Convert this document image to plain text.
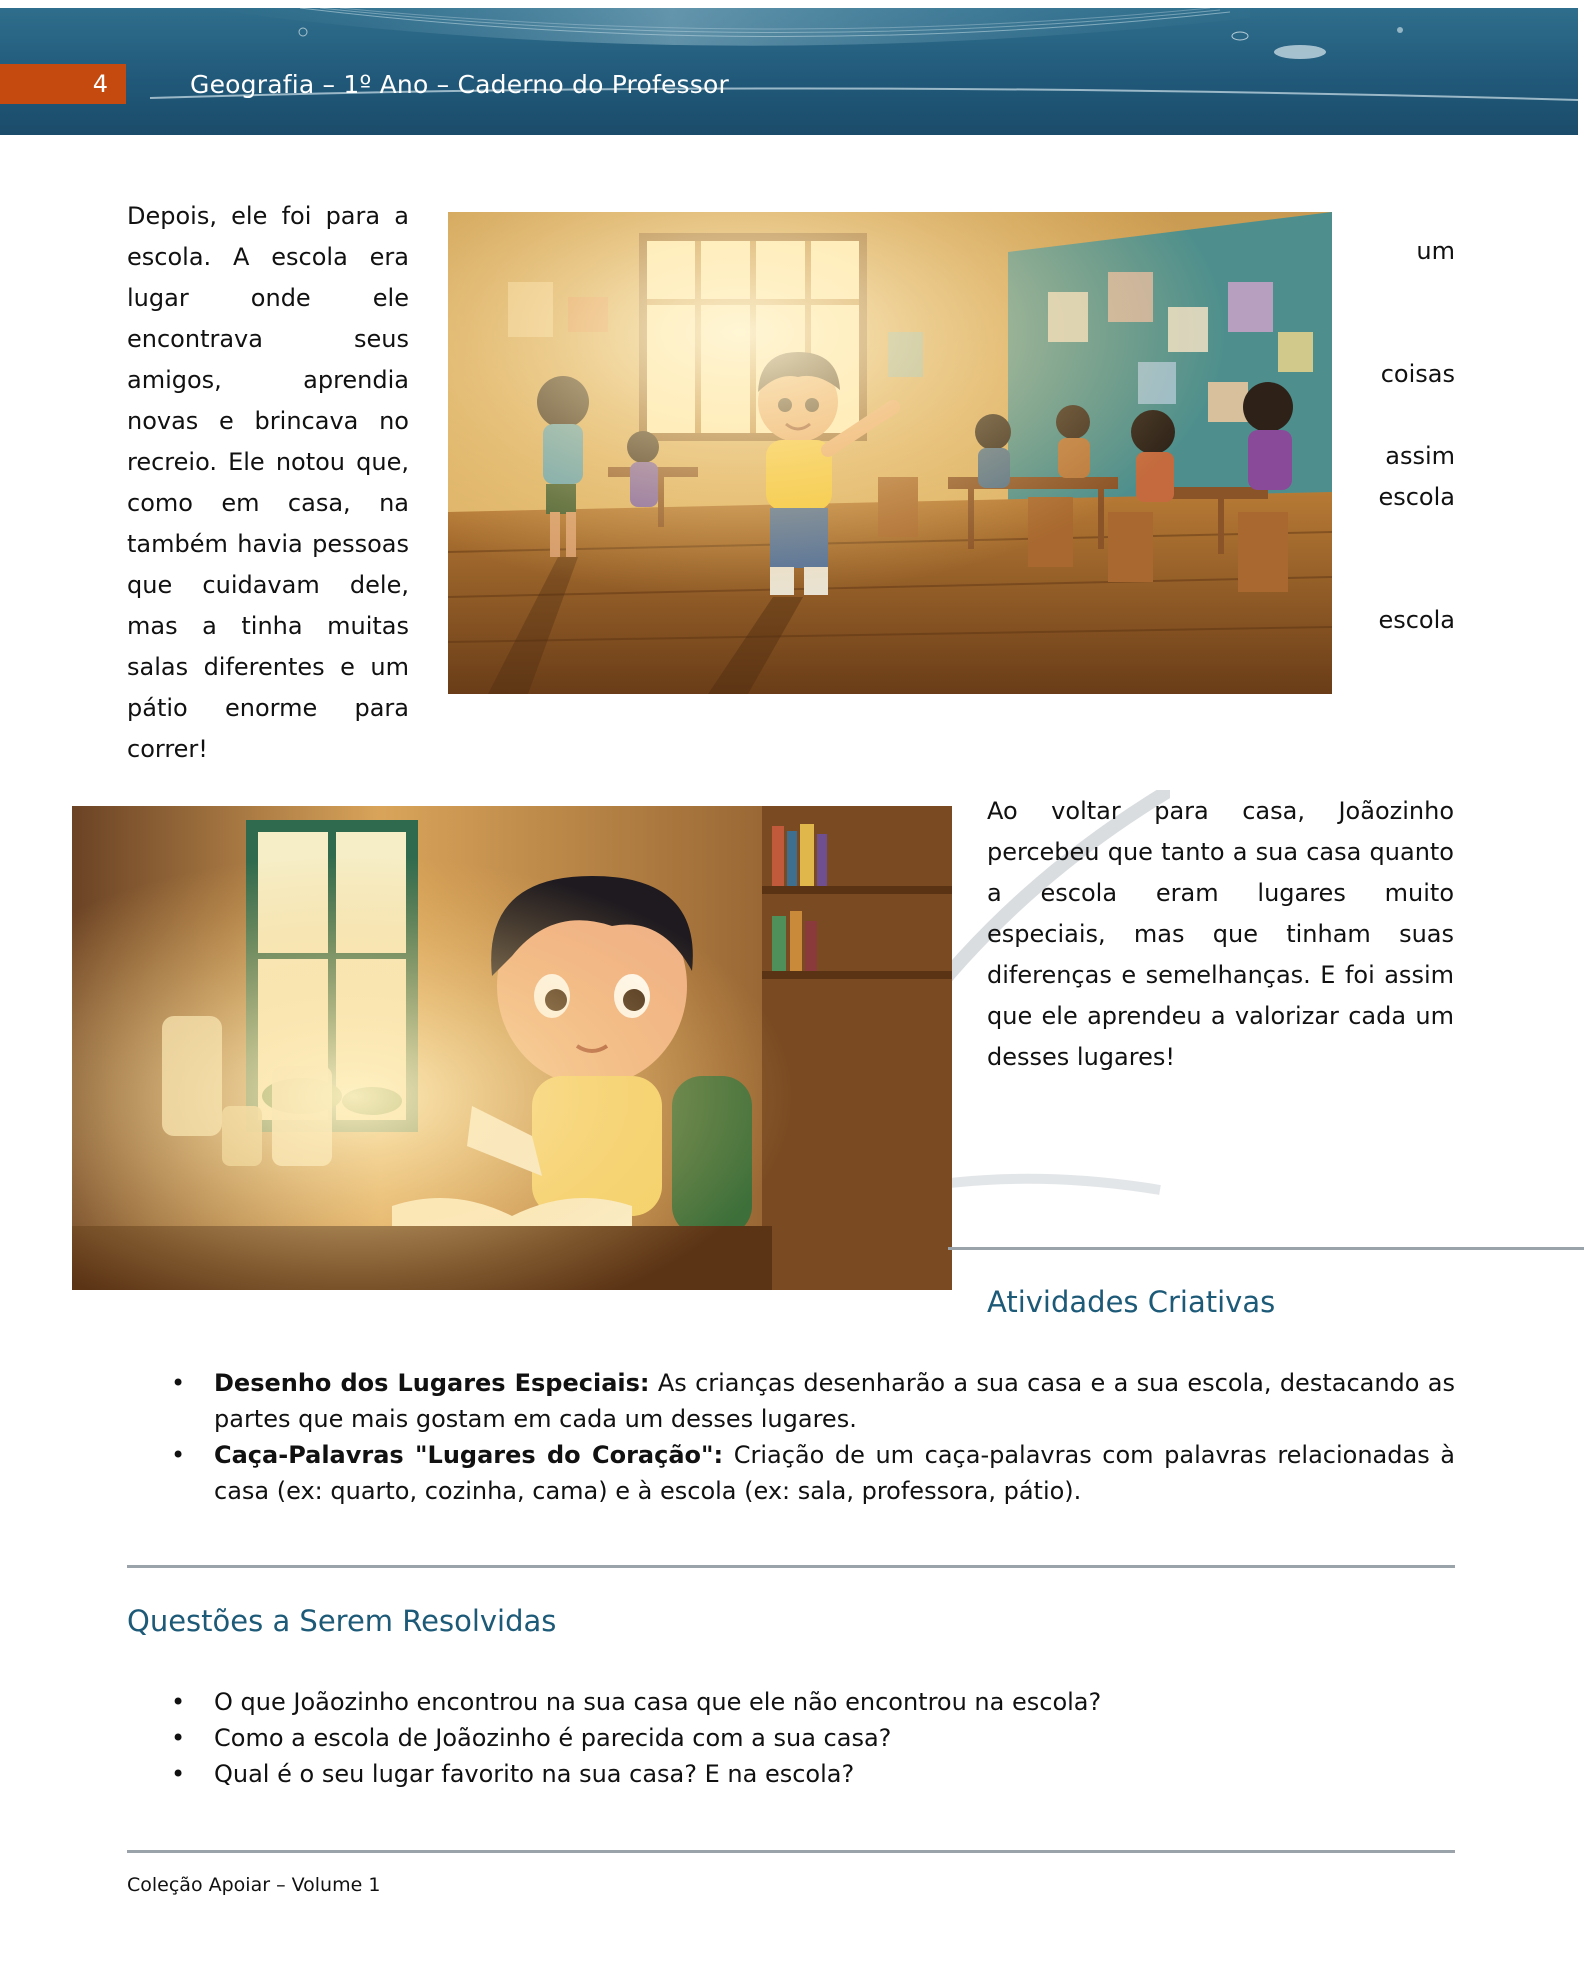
4	Geografia – 1º Ano – Caderno do Professor
Depois, ele foi para a escola. A escola era lugar onde ele encontrava seus amigos, aprendia novas e brincava no recreio. Ele notou que, como em casa, na também havia pessoas que cuidavam dele, mas a tinha muitas salas diferentes e um pátio enorme para correr!
um
coisas
assim
escola
escola
Ao voltar para casa, Joãozinho percebeu que tanto a sua casa quanto a escola eram lugares muito especiais, mas que tinham suas diferenças e semelhanças. E foi assim que ele aprendeu a valorizar cada um desses lugares!
Atividades Criativas
• Desenho dos Lugares Especiais: As crianças desenharão a sua casa e a sua escola, destacando as partes que mais gostam em cada um desses lugares.
• Caça-Palavras "Lugares do Coração": Criação de um caça-palavras com palavras relacionadas à casa (ex: quarto, cozinha, cama) e à escola (ex: sala, professora, pátio).
Questões a Serem Resolvidas
• O que Joãozinho encontrou na sua casa que ele não encontrou na escola?
• Como a escola de Joãozinho é parecida com a sua casa?
• Qual é o seu lugar favorito na sua casa? E na escola?
Coleção Apoiar – Volume 1
